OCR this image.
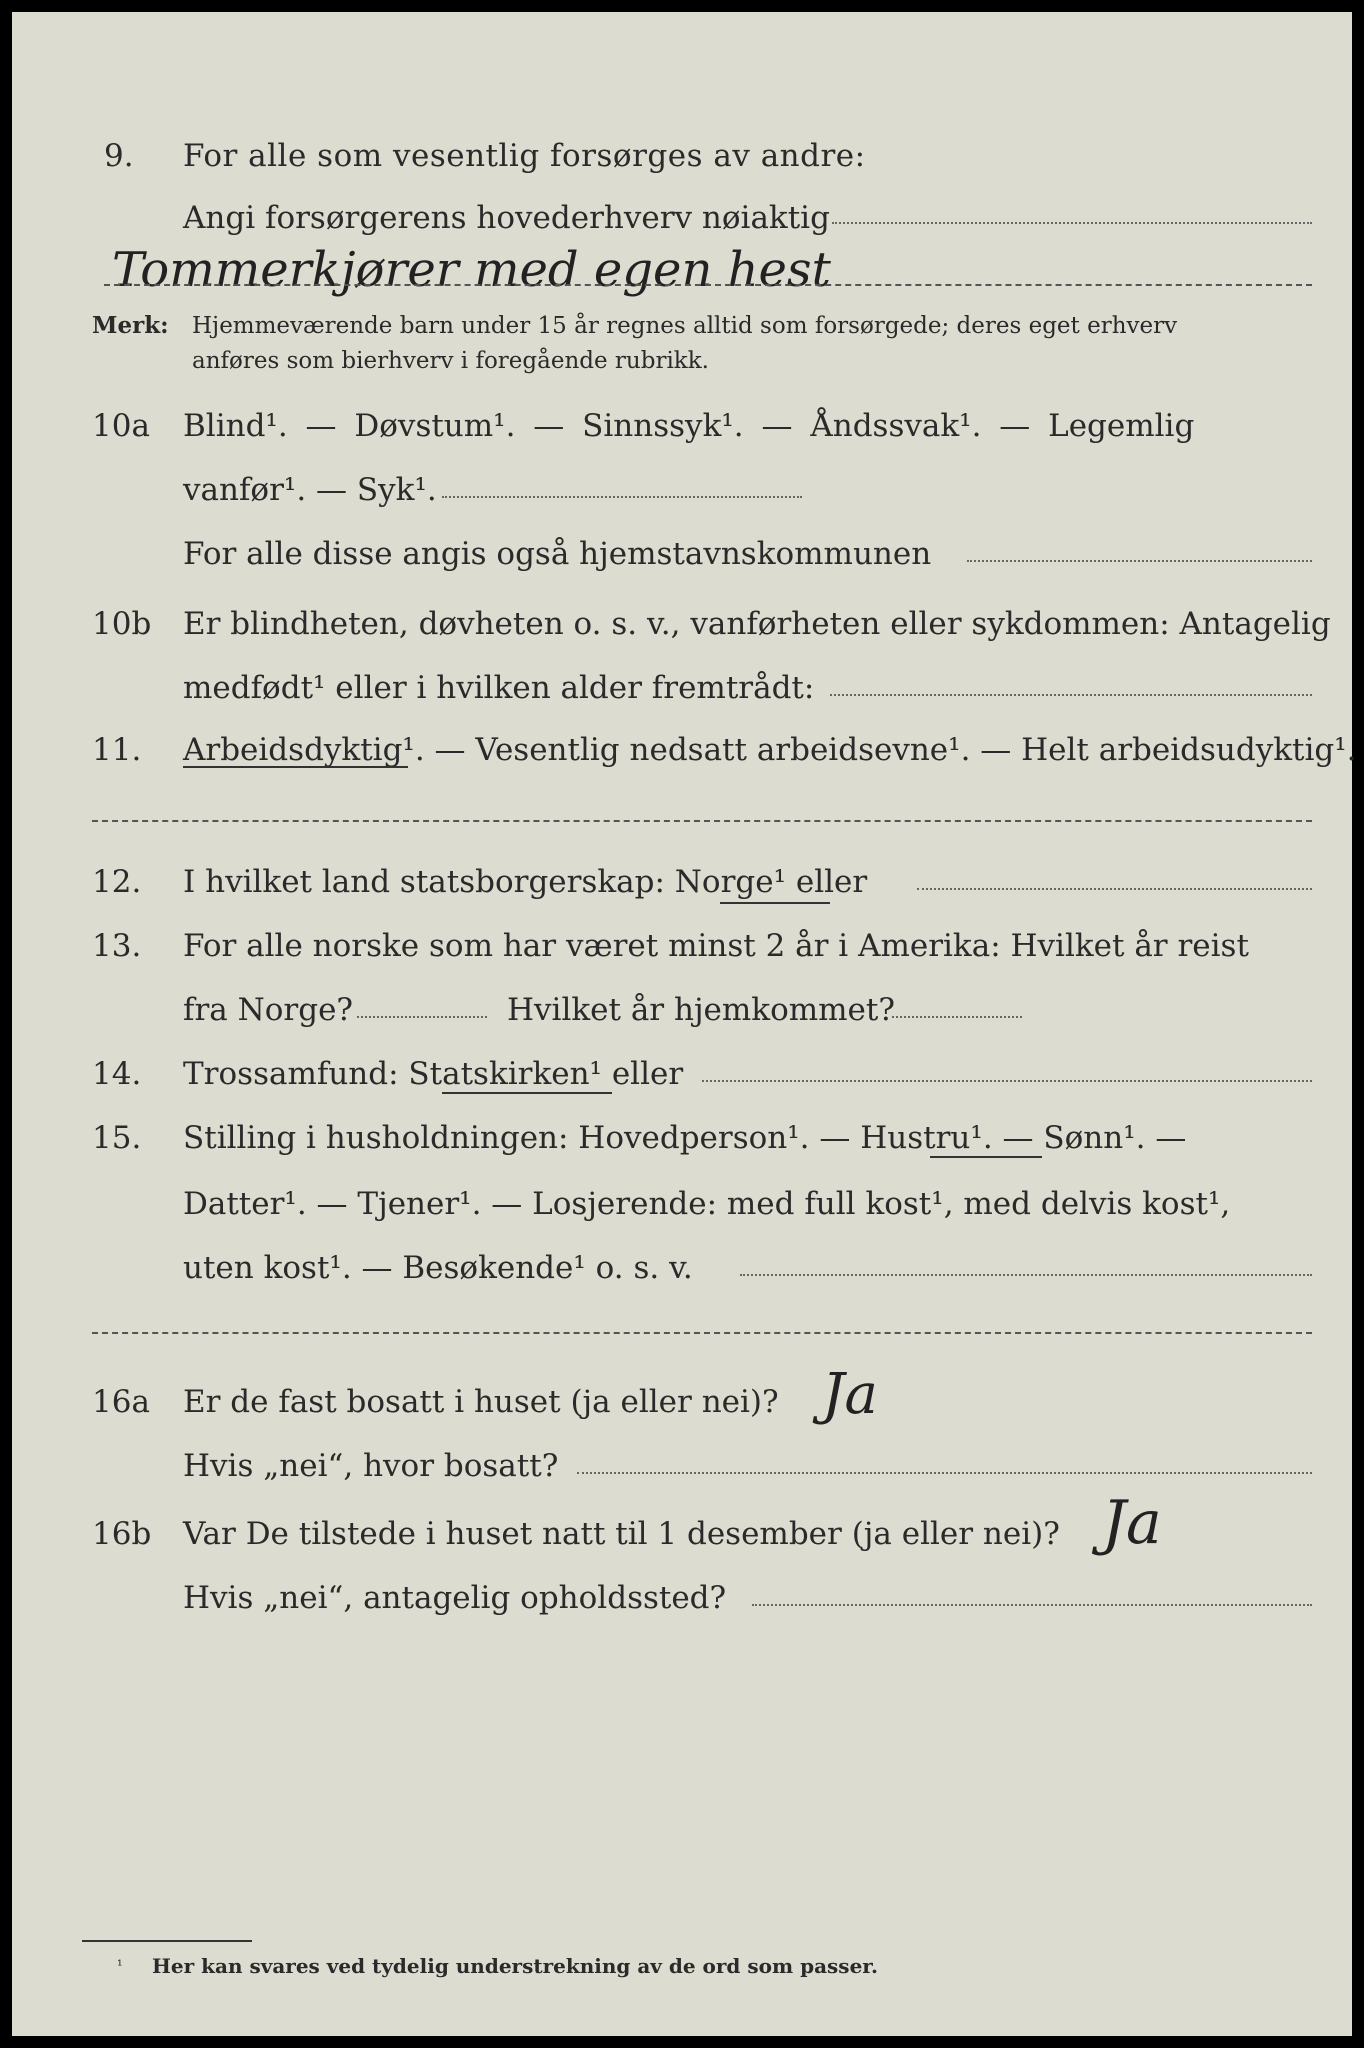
9. For alle som vesentlig forsørges av andre:
Angi forsørgerens hovederhverv nøiaktig
Tommerkjører med egen hest
Merk: Hjemmeværende barn under 15 år regnes alltid som forsørgede; deres eget erhverv
anføres som bierhverv i foregående rubrikk.
10a Blind¹. — Døvstum¹. — Sinnssyk¹. — Åndssvak¹. — Legemlig
vanfør¹. — Syk¹.
For alle disse angis også hjemstavnskommunen
10b Er blindheten, døvheten o. s. v., vanførheten eller sykdommen: Antagelig
medfødt¹ eller i hvilken alder fremtrådt:
11. Arbeidsdyktig¹. — Vesentlig nedsatt arbeidsevne¹. — Helt arbeidsudyktig¹.
12. I hvilket land statsborgerskap: Norge¹ eller
13. For alle norske som har været minst 2 år i Amerika: Hvilket år reist
fra Norge?	Hvilket år hjemkommet?
14. Trossamfund: Statskirken¹ eller
15. Stilling i husholdningen: Hovedperson¹. — Hustru¹. — Sønn¹. —
Datter¹. — Tjener¹. — Losjerende: med full kost¹, med delvis kost¹,
uten kost¹. — Besøkende¹ o. s. v.
16a Er de fast bosatt i huset (ja eller nei)? Ja
Hvis „nei“, hvor bosatt?
16b Var De tilstede i huset natt til 1 desember (ja eller nei)? Ja
Hvis „nei“, antagelig opholdssted?
¹ Her kan svares ved tydelig understrekning av de ord som passer.
